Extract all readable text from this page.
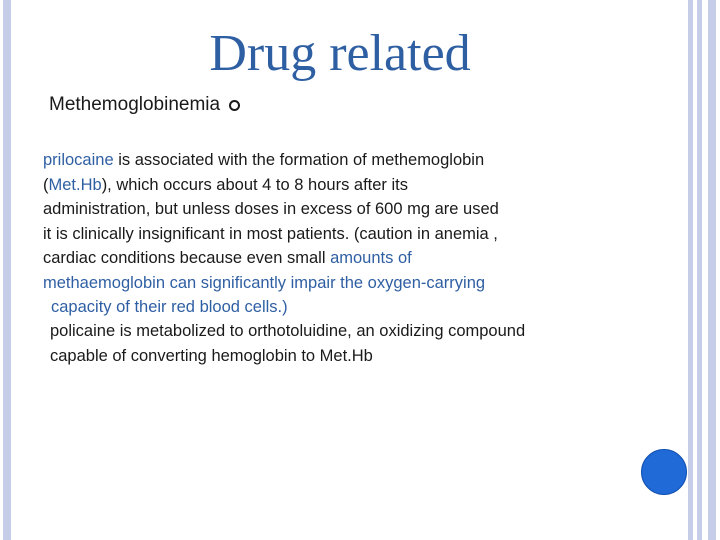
Drug related
Methemoglobinemia
prilocaine is associated with the formation of methemoglobin
(Met.Hb), which occurs about 4 to 8 hours after its
administration, but unless doses in excess of 600 mg are used
it is clinically insignificant in most patients. (caution in anemia ,
cardiac conditions because even small amounts of
methaemoglobin can significantly impair the oxygen-carrying
capacity of their red blood cells.)
policaine is metabolized to orthotoluidine, an oxidizing compound
capable of converting hemoglobin to Met.Hb
